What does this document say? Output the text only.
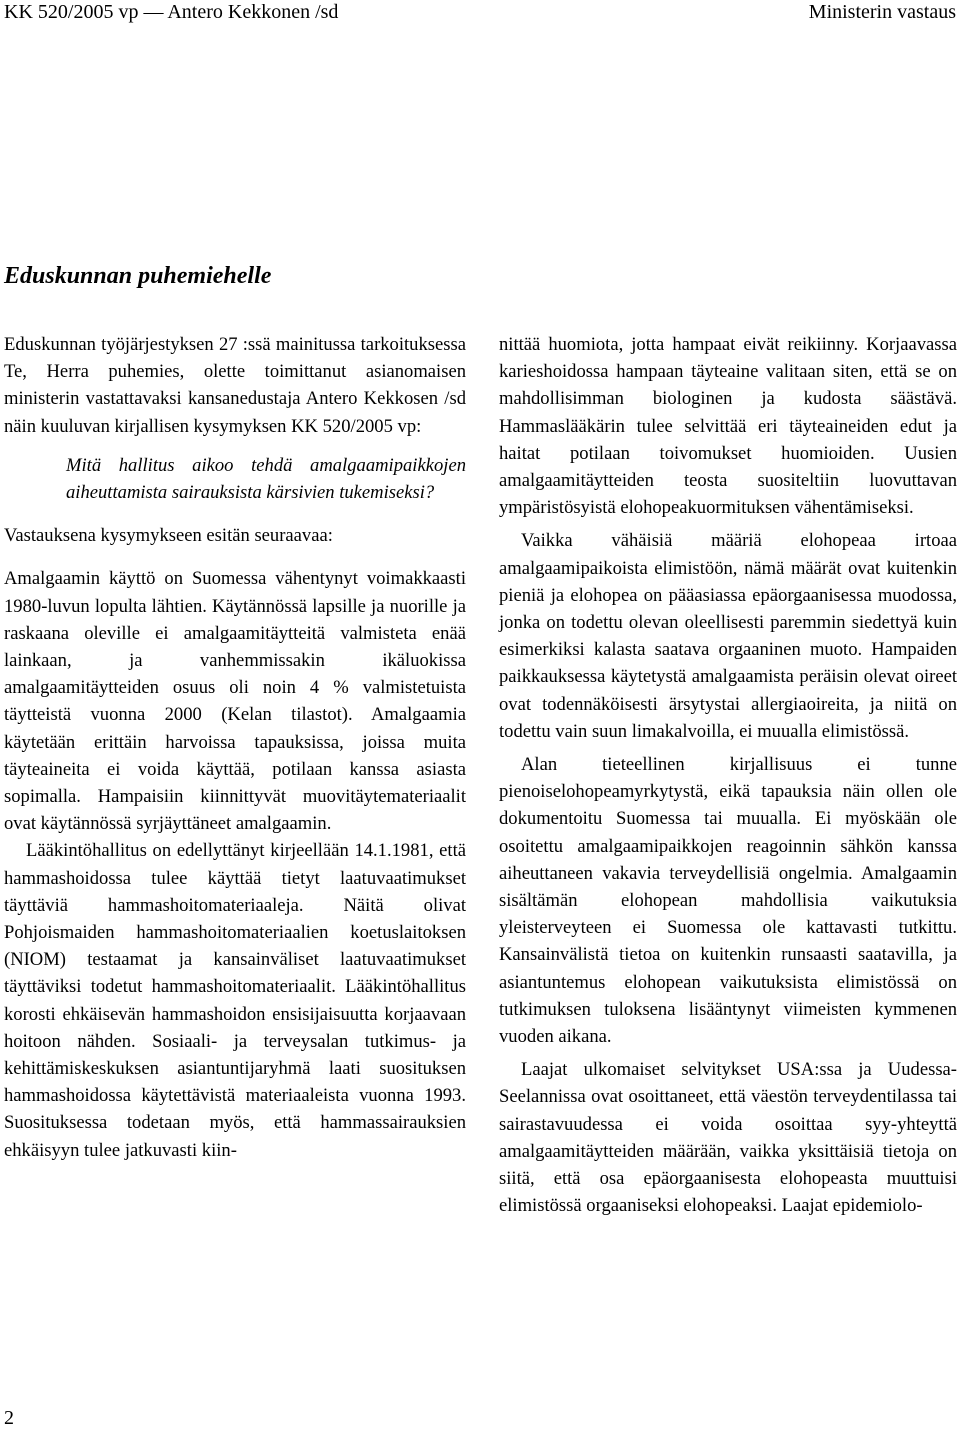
KK 520/2005 vp — Antero Kekkonen /sd	Ministerin vastaus
Eduskunnan puhemiehelle

Eduskunnan työjärjestyksen 27 :ssä mainitussa tarkoituksessa Te, Herra puhemies, olette toimittanut asianomaisen ministerin vastattavaksi kansanedustaja Antero Kekkosen /sd näin kuuluvan kirjallisen kysymyksen KK 520/2005 vp:

Mitä hallitus aikoo tehdä amalgaamipaikkojen aiheuttamista sairauksista kärsivien tukemiseksi?

Vastauksena kysymykseen esitän seuraavaa:

Amalgaamin käyttö on Suomessa vähentynyt voimakkaasti 1980-luvun lopulta lähtien. Käytännössä lapsille ja nuorille ja raskaana oleville ei amalgaamitäytteitä valmisteta enää lainkaan, ja vanhemmissakin ikäluokissa amalgaamitäytteiden osuus oli noin 4 % valmistetuista täytteistä vuonna 2000 (Kelan tilastot). Amalgaamia käytetään erittäin harvoissa tapauksissa, joissa muita täyteaineita ei voida käyttää, potilaan kanssa asiasta sopimalla. Hampaisiin kiinnittyvät muovitäytemateriaalit ovat käytännössä syrjäyttäneet amalgaamin.

Lääkintöhallitus on edellyttänyt kirjeellään 14.1.1981, että hammashoidossa tulee käyttää tietyt laatuvaatimukset täyttäviä hammashoitomateriaaleja. Näitä olivat Pohjoismaiden hammashoitomateriaalien koetuslaitoksen (NIOM) testaamat ja kansainväliset laatuvaatimukset täyttäviksi todetut hammashoitomateriaalit. Lääkintöhallitus korosti ehkäisevän hammashoidon ensisijaisuutta korjaavaan hoitoon nähden. Sosiaali- ja terveysalan tutkimus- ja kehittämiskeskuksen asiantuntijaryhmä laati suosituksen hammashoidossa käytettävistä materiaaleista vuonna 1993. Suosituksessa todetaan myös, että hammassairauksien ehkäisyyn tulee jatkuvasti kiin-

nittää huomiota, jotta hampaat eivät reikiinny. Korjaavassa karieshoidossa hampaan täyteaine valitaan siten, että se on mahdollisimman biologinen ja kudosta säästävä. Hammaslääkärin tulee selvittää eri täyteaineiden edut ja haitat potilaan toivomukset huomioiden. Uusien amalgaamitäytteiden teosta suositeltiin luovuttavan ympäristösyistä elohopeakuormituksen vähentämiseksi.

Vaikka vähäisiä määriä elohopeaa irtoaa amalgaamipaikoista elimistöön, nämä määrät ovat kuitenkin pieniä ja elohopea on pääasiassa epäorgaanisessa muodossa, jonka on todettu olevan oleellisesti paremmin siedettyä kuin esimerkiksi kalasta saatava orgaaninen muoto. Hampaiden paikkauksessa käytetystä amalgaamista peräisin olevat oireet ovat todennäköisesti ärsytystai allergiaoireita, ja niitä on todettu vain suun limakalvoilla, ei muualla elimistössä.

Alan tieteellinen kirjallisuus ei tunne pienoiselohopeamyrkytystä, eikä tapauksia näin ollen ole dokumentoitu Suomessa tai muualla. Ei myöskään ole osoitettu amalgaamipaikkojen reagoinnin sähkön kanssa aiheuttaneen vakavia terveydellisiä ongelmia. Amalgaamin sisältämän elohopean mahdollisia vaikutuksia yleisterveyteen ei Suomessa ole kattavasti tutkittu. Kansainvälistä tietoa on kuitenkin runsaasti saatavilla, ja asiantuntemus elohopean vaikutuksista elimistössä on tutkimuksen tuloksena lisääntynyt viimeisten kymmenen vuoden aikana.

Laajat ulkomaiset selvitykset USA:ssa ja Uudessa-Seelannissa ovat osoittaneet, että väestön terveydentilassa tai sairastavuudessa ei voida osoittaa syy-yhteyttä amalgaamitäytteiden määrään, vaikka yksittäisiä tietoja on siitä, että osa epäorgaanisesta elohopeasta muuttuisi elimistössä orgaaniseksi elohopeaksi. Laajat epidemiolo-

2
